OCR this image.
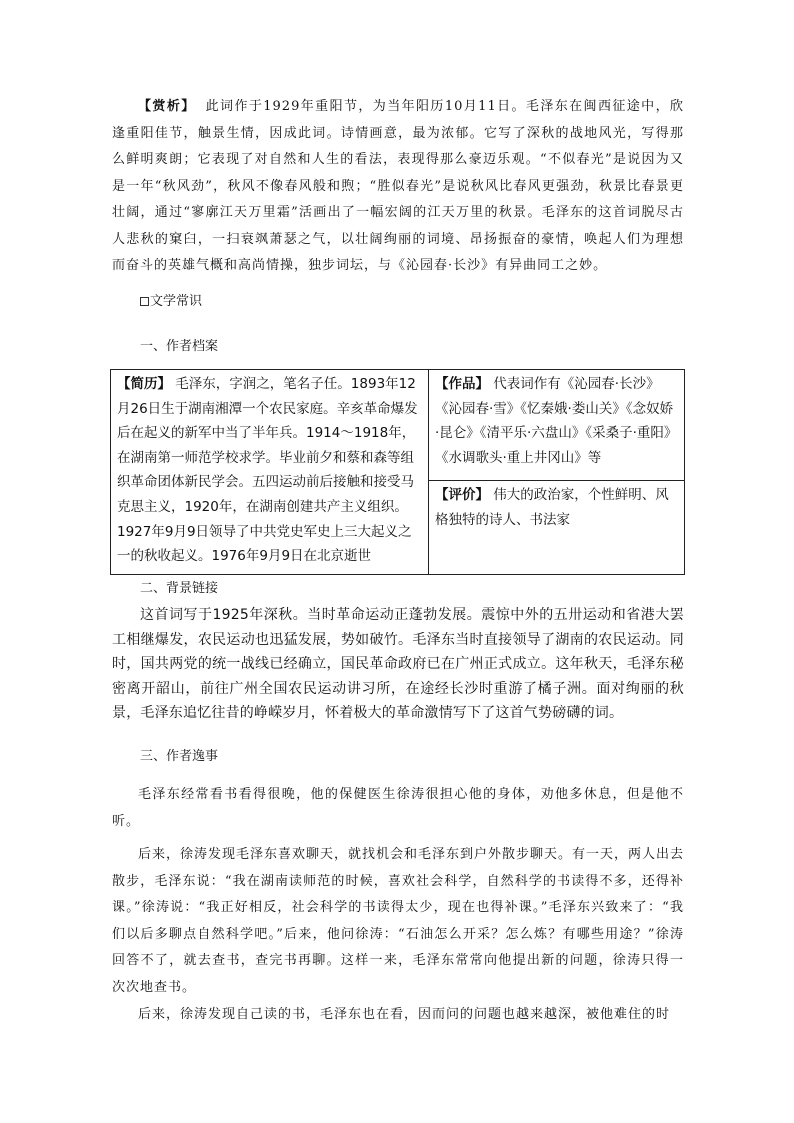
【赏析】 此词作于1929年重阳节，为当年阳历10月11日。毛泽东在闽西征途中，欣逢重阳佳节，触景生情，因成此词。诗情画意，最为浓郁。它写了深秋的战地风光，写得那么鲜明爽朗；它表现了对自然和人生的看法，表现得那么豪迈乐观。“不似春光”是说因为又是一年“秋风劲”，秋风不像春风般和煦；“胜似春光”是说秋风比春风更强劲，秋景比春景更壮阔，通过“寥廓江天万里霜”活画出了一幅宏阔的江天万里的秋景。毛泽东的这首词脱尽古人悲秋的窠臼，一扫衰飒萧瑟之气，以壮阔绚丽的词境、昂扬振奋的豪情，唤起人们为理想而奋斗的英雄气概和高尚情操，独步词坛，与《沁园春·长沙》有异曲同工之妙。

文学常识

一、作者档案

【简历】 毛泽东，字润之，笔名子任。1893年12月26日生于湖南湘潭一个农民家庭。辛亥革命爆发后在起义的新军中当了半年兵。1914～1918年，在湖南第一师范学校求学。毕业前夕和蔡和森等组织革命团体新民学会。五四运动前后接触和接受马克思主义，1920年，在湖南创建共产主义组织。1927年9月9日领导了中共党史军史上三大起义之一的秋收起义。1976年9月9日在北京逝世	【作品】 代表词作有《沁园春·长沙》《沁园春·雪》《忆秦娥·娄山关》《念奴娇·昆仑》《清平乐·六盘山》《采桑子·重阳》《水调歌头·重上井冈山》等
【评价】 伟大的政治家，个性鲜明、风格独特的诗人、书法家

二、背景链接

这首词写于1925年深秋。当时革命运动正蓬勃发展。震惊中外的五卅运动和省港大罢工相继爆发，农民运动也迅猛发展，势如破竹。毛泽东当时直接领导了湖南的农民运动。同时，国共两党的统一战线已经确立，国民革命政府已在广州正式成立。这年秋天，毛泽东秘密离开韶山，前往广州全国农民运动讲习所，在途经长沙时重游了橘子洲。面对绚丽的秋景，毛泽东追忆往昔的峥嵘岁月，怀着极大的革命激情写下了这首气势磅礴的词。

三、作者逸事

毛泽东经常看书看得很晚，他的保健医生徐涛很担心他的身体，劝他多休息，但是他不听。

后来，徐涛发现毛泽东喜欢聊天，就找机会和毛泽东到户外散步聊天。有一天，两人出去散步，毛泽东说：“我在湖南读师范的时候，喜欢社会科学，自然科学的书读得不多，还得补课。”徐涛说：“我正好相反，社会科学的书读得太少，现在也得补课。”毛泽东兴致来了：“我们以后多聊点自然科学吧。”后来，他问徐涛：“石油怎么开采？怎么炼？有哪些用途？”徐涛回答不了，就去查书，查完书再聊。这样一来，毛泽东常常向他提出新的问题，徐涛只得一次次地查书。

后来，徐涛发现自己读的书，毛泽东也在看，因而问的问题也越来越深，被他难住的时
